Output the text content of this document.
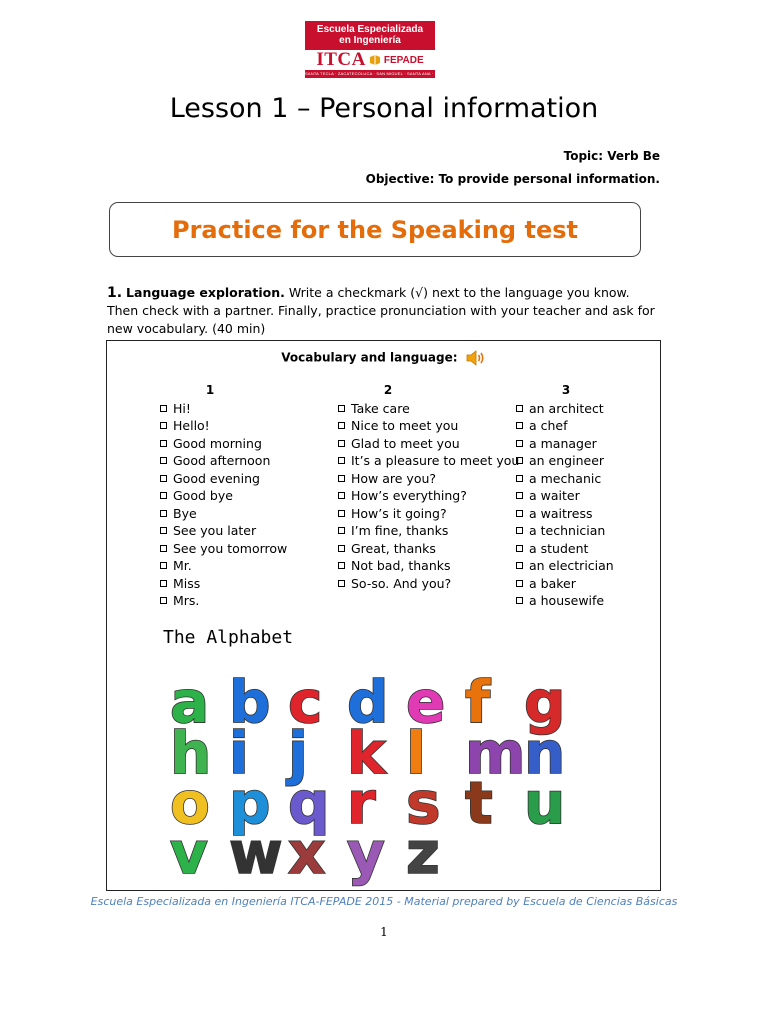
Escuela Especializada
en Ingeniería
ITCA FEPADE
SANTA TECLA · ZACATECOLUCA · SAN MIGUEL · SANTA ANA · LA UNIÓN
Lesson 1 – Personal information
Topic: Verb Be
Objective: To provide personal information.
Practice for the Speaking test
1. Language exploration. Write a checkmark (√) next to the language you know. Then check with a partner. Finally, practice pronunciation with your teacher and ask for new vocabulary. (40 min)
Vocabulary and language:
1
Hi!
Hello!
Good morning
Good afternoon
Good evening
Good bye
Bye
See you later
See you tomorrow
Mr.
Miss
Mrs.
2
Take care
Nice to meet you
Glad to meet you
It’s a pleasure to meet you
How are you?
How’s everything?
How’s it going?
I’m fine, thanks
Great, thanks
Not bad, thanks
So-so. And you?
3
an architect
a chef
a manager
an engineer
a mechanic
a waiter
a waitress
a technician
a student
an electrician
a baker
a housewife
The Alphabet
a b c d e f g
h i j k l m
n
o p q r s t u
v w x y z
Escuela Especializada en Ingeniería ITCA-FEPADE 2015 - Material prepared by Escuela de Ciencias Básicas
1
